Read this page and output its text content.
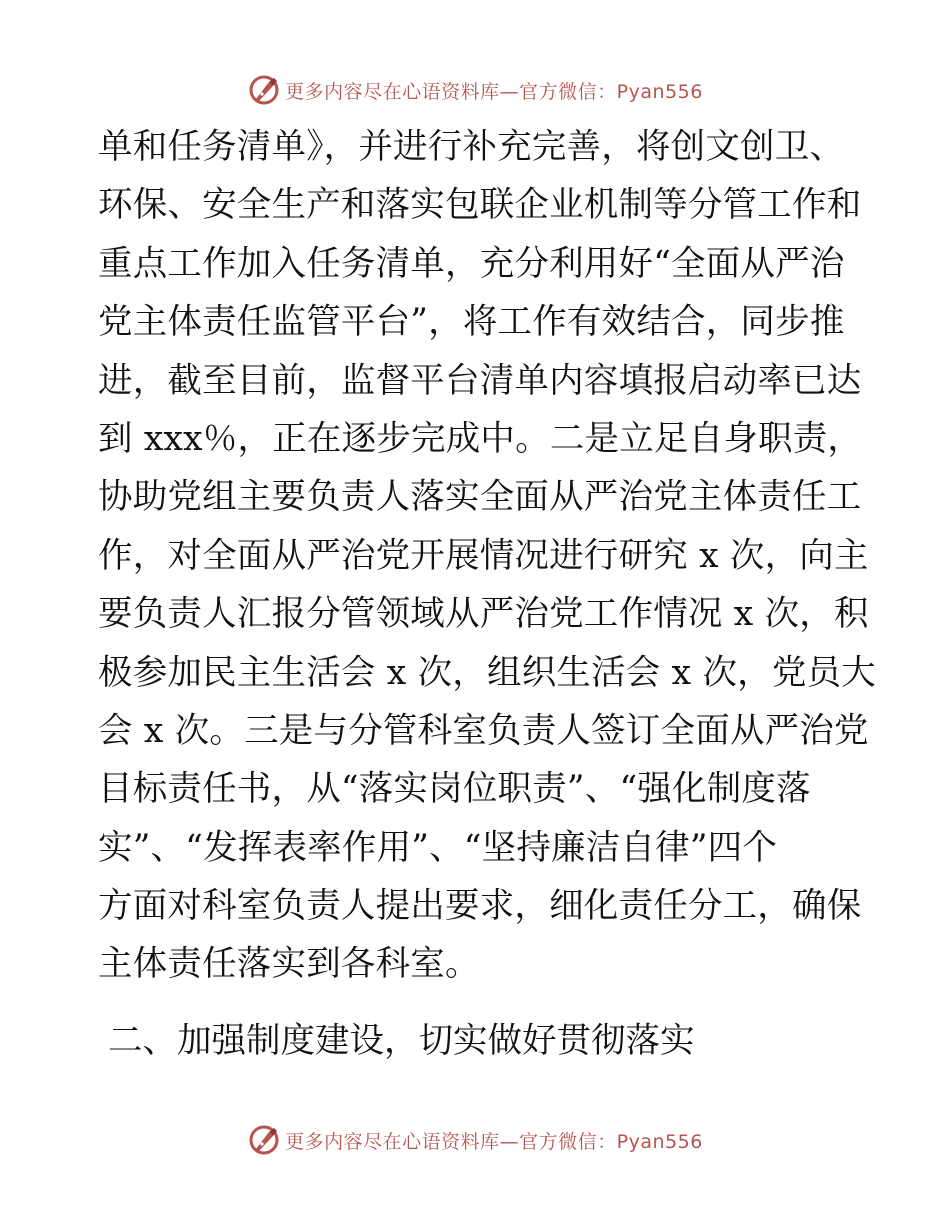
更多内容尽在心语资料库—官方微信：Pyan556
单和任务清单》，并进行补充完善，将创文创卫、
环保、安全生产和落实包联企业机制等分管工作和
重点工作加入任务清单，充分利用好“全面从严治
党主体责任监管平台”，将工作有效结合，同步推
进，截至目前，监督平台清单内容填报启动率已达
到 xxx％，正在逐步完成中。二是立足自身职责，
协助党组主要负责人落实全面从严治党主体责任工
作，对全面从严治党开展情况进行研究 x 次，向主
要负责人汇报分管领域从严治党工作情况 x 次，积
极参加民主生活会 x 次，组织生活会 x 次，党员大
会 x 次。三是与分管科室负责人签订全面从严治党
目标责任书，从“落实岗位职责”、“强化制度落
实”、“发挥表率作用”、“坚持廉洁自律”四个
方面对科室负责人提出要求，细化责任分工，确保
主体责任落实到各科室。
二、加强制度建设，切实做好贯彻落实
更多内容尽在心语资料库—官方微信：Pyan556
